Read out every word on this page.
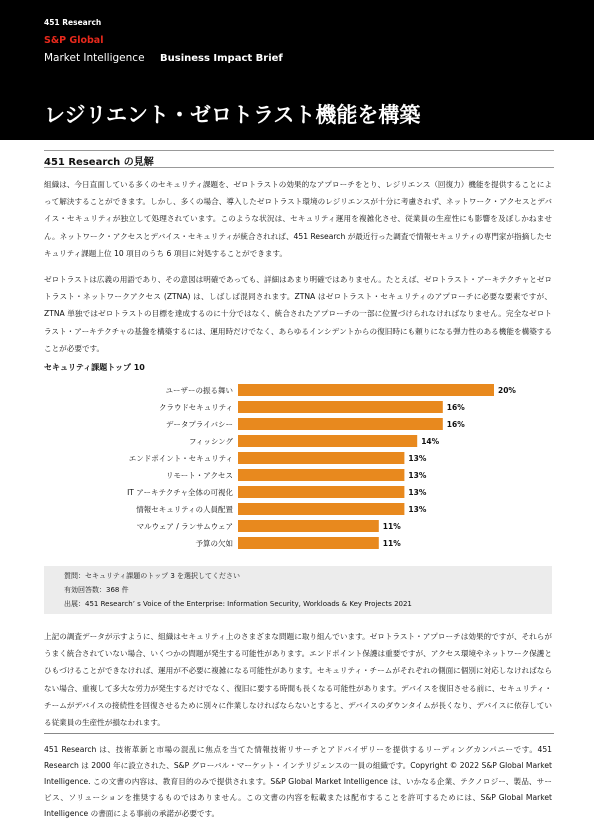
451 Research
S&P Global
Market Intelligence Business Impact Brief
レジリエント・ゼロトラスト機能を構築
451 Research の見解
組織は、今日直面している多くのセキュリティ課題を、ゼロトラストの効果的なアプローチをとり、レジリエンス（回復力）機能を提供することによって解決することができます。しかし、多くの場合、導入したゼロトラスト環境のレジリエンスが十分に考慮されず、ネットワーク・アクセスとデバイス・セキュリティが独立して処理されています。このような状況は、セキュリティ運用を複雑化させ、従業員の生産性にも影響を及ぼしかねません。ネットワーク・アクセスとデバイス・セキュリティが統合されれば、451 Research が最近行った調査で情報セキュリティの専門家が指摘したセキュリティ課題上位 10 項目のうち 6 項目に対処することができます。
ゼロトラストは広義の用語であり、その意図は明確であっても、詳細はあまり明確ではありません。たとえば、ゼロトラスト・アーキテクチャとゼロトラスト・ネットワークアクセス (ZTNA) は、しばしば混同されます。ZTNA はゼロトラスト・セキュリティのアプローチに必要な要素ですが、ZTNA 単独ではゼロトラストの目標を達成するのに十分ではなく、統合されたアプローチの一部に位置づけられなければなりません。完全なゼロトラスト・アーキテクチャの基盤を構築するには、運用時だけでなく、あらゆるインシデントからの復旧時にも頼りになる弾力性のある機能を構築することが必要です。
セキュリティ課題トップ 10
ユーザーの振る舞い	20%
クラウドセキュリティ	16%
データプライバシー	16%
フィッシング	14%
エンドポイント・セキュリティ	13%
リモート・アクセス	13%
IT アーキテクチャ全体の可視化	13%
情報セキュリティの人員配置	13%
マルウェア / ランサムウェア	11%
予算の欠如	11%
質問：セキュリティ課題のトップ 3 を選択してください
有効回答数：368 件
出展：451 Research’ s Voice of the Enterprise: Information Security, Workloads & Key Projects 2021
上記の調査データが示すように、組織はセキュリティ上のさまざまな問題に取り組んでいます。ゼロトラスト・アプローチは効果的ですが、それらがうまく統合されていない場合、いくつかの問題が発生する可能性があります。エンドポイント保護は重要ですが、アクセス環境やネットワーク保護とひもづけることができなければ、運用が不必要に複雑になる可能性があります。セキュリティ・チームがそれぞれの側面に個別に対応しなければならない場合、重複して多大な労力が発生するだけでなく、復旧に要する時間も長くなる可能性があります。デバイスを復旧させる前に、セキュリティ・チームがデバイスの接続性を回復させるために別々に作業しなければならないとすると、デバイスのダウンタイムが長くなり、デバイスに依存している従業員の生産性が損なわれます。
451 Research は、技術革新と市場の混乱に焦点を当てた情報技術リサーチとアドバイザリーを提供するリーディングカンパニーです。451 Research は 2000 年に設立された、S&P グローバル・マーケット・インテリジェンスの一員の組織です。Copyright © 2022 S&P Global Market Intelligence. この文書の内容は、教育目的のみで提供されます。S&P Global Market Intelligence は、いかなる企業、テクノロジー、製品、サービス、ソリューションを推奨するものではありません。この文書の内容を転載または配布することを許可するためには、S&P Global Market Intelligence の書面による事前の承諾が必要です。
